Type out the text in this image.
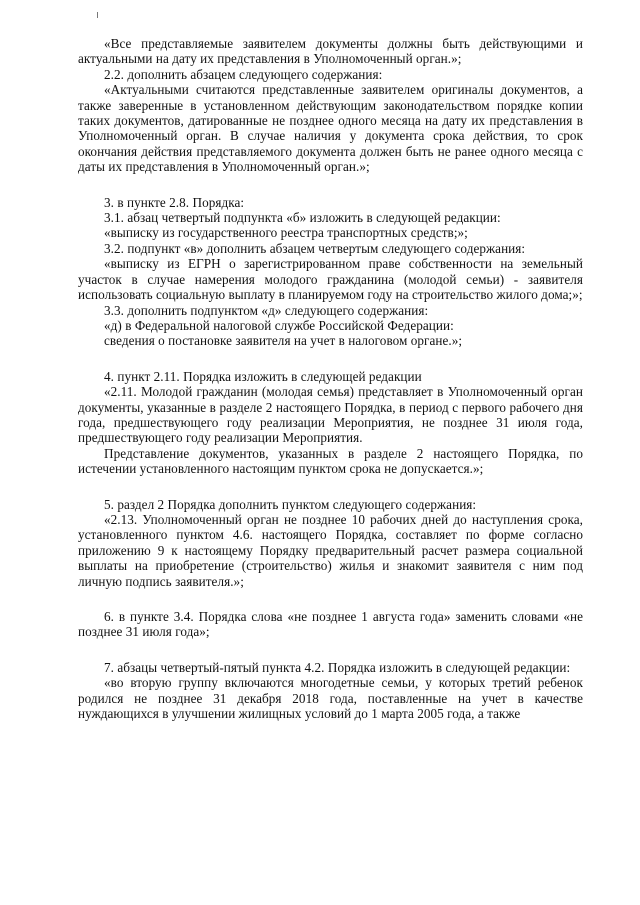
«Все представляемые заявителем документы должны быть действующими и актуальными на дату их представления в Уполномоченный орган.»;

2.2. дополнить абзацем следующего содержания:

«Актуальными считаются представленные заявителем оригиналы документов, а также заверенные в установленном действующим законодательством порядке копии таких документов, датированные не позднее одного месяца на дату их представления в Уполномоченный орган. В случае наличия у документа срока действия, то срок окончания действия представляемого документа должен быть не ранее одного месяца с даты их представления в Уполномоченный орган.»;

3. в пункте 2.8. Порядка:

3.1. абзац четвертый подпункта «б» изложить в следующей редакции:

«выписку из государственного реестра транспортных средств;»;

3.2. подпункт «в» дополнить абзацем четвертым следующего содержания:

«выписку из ЕГРН о зарегистрированном праве собственности на земельный участок в случае намерения молодого гражданина (молодой семьи) - заявителя использовать социальную выплату в планируемом году на строительство жилого дома;»;

3.3. дополнить подпунктом «д» следующего содержания:

«д) в Федеральной налоговой службе Российской Федерации:

сведения о постановке заявителя на учет в налоговом органе.»;

4. пункт 2.11. Порядка изложить в следующей редакции

«2.11. Молодой гражданин (молодая семья) представляет в Уполномоченный орган документы, указанные в разделе 2 настоящего Порядка, в период с первого рабочего дня года, предшествующего году реализации Мероприятия, не позднее 31 июля года, предшествующего году реализации Мероприятия.

Представление документов, указанных в разделе 2 настоящего Порядка, по истечении установленного настоящим пунктом срока не допускается.»;

5. раздел 2 Порядка дополнить пунктом следующего содержания:

«2.13. Уполномоченный орган не позднее 10 рабочих дней до наступления срока, установленного пунктом 4.6. настоящего Порядка, составляет по форме согласно приложению 9 к настоящему Порядку предварительный расчет размера социальной выплаты на приобретение (строительство) жилья и знакомит заявителя с ним под личную подпись заявителя.»;

6. в пункте 3.4. Порядка слова «не позднее 1 августа года» заменить словами «не позднее 31 июля года»;

7. абзацы четвертый-пятый пункта 4.2. Порядка изложить в следующей редакции:

«во вторую группу включаются многодетные семьи, у которых третий ребенок родился не позднее 31 декабря 2018 года, поставленные на учет в качестве нуждающихся в улучшении жилищных условий до 1 марта 2005 года, а также
